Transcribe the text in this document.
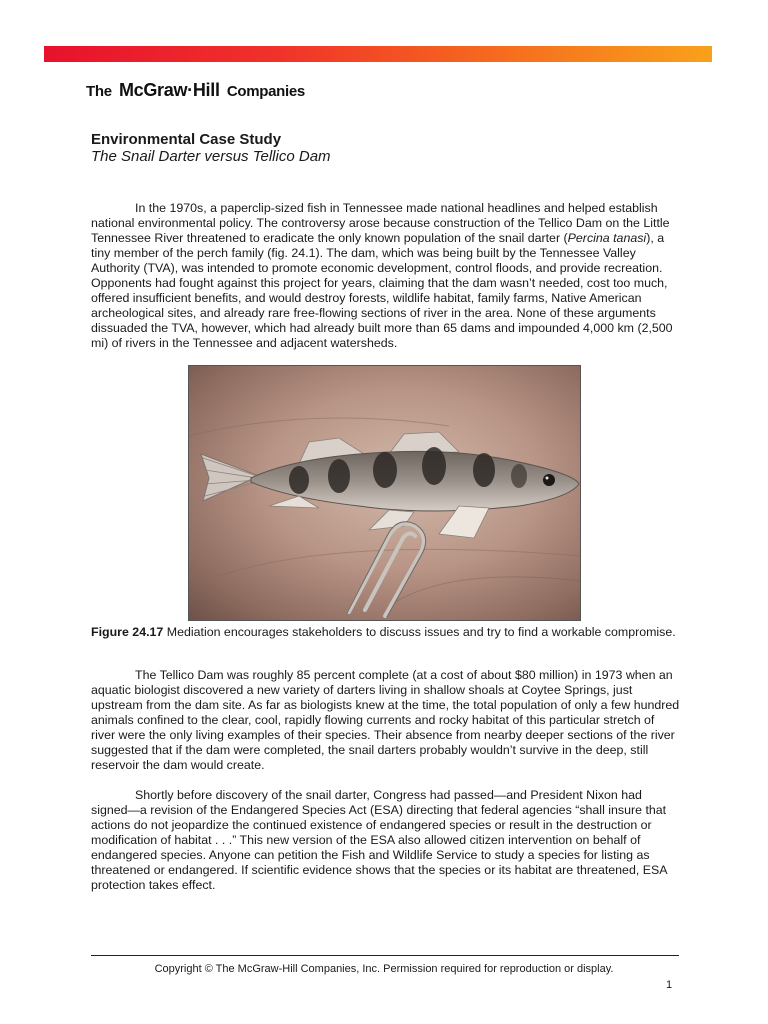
The McGraw·Hill Companies
Environmental Case Study
The Snail Darter versus Tellico Dam

In the 1970s, a paperclip-sized fish in Tennessee made national headlines and helped establish national environmental policy. The controversy arose because construction of the Tellico Dam on the Little Tennessee River threatened to eradicate the only known population of the snail darter (Percina tanasi), a tiny member of the perch family (fig. 24.1). The dam, which was being built by the Tennessee Valley Authority (TVA), was intended to promote economic development, control floods, and provide recreation. Opponents had fought against this project for years, claiming that the dam wasn’t needed, cost too much, offered insufficient benefits, and would destroy forests, wildlife habitat, family farms, Native American archeological sites, and already rare free-flowing sections of river in the area. None of these arguments dissuaded the TVA, however, which had already built more than 65 dams and impounded 4,000 km (2,500 mi) of rivers in the Tennessee and adjacent watersheds.

Figure 24.17 Mediation encourages stakeholders to discuss issues and try to find a workable compromise.

The Tellico Dam was roughly 85 percent complete (at a cost of about $80 million) in 1973 when an aquatic biologist discovered a new variety of darters living in shallow shoals at Coytee Springs, just upstream from the dam site. As far as biologists knew at the time, the total population of only a few hundred animals confined to the clear, cool, rapidly flowing currents and rocky habitat of this particular stretch of river were the only living examples of their species. Their absence from nearby deeper sections of the river suggested that if the dam were completed, the snail darters probably wouldn’t survive in the deep, still reservoir the dam would create.

Shortly before discovery of the snail darter, Congress had passed—and President Nixon had signed—a revision of the Endangered Species Act (ESA) directing that federal agencies “shall insure that actions do not jeopardize the continued existence of endangered species or result in the destruction or modification of habitat . . .” This new version of the ESA also allowed citizen intervention on behalf of endangered species. Anyone can petition the Fish and Wildlife Service to study a species for listing as threatened or endangered. If scientific evidence shows that the species or its habitat are threatened, ESA protection takes effect.

Copyright © The McGraw-Hill Companies, Inc. Permission required for reproduction or display.
1
